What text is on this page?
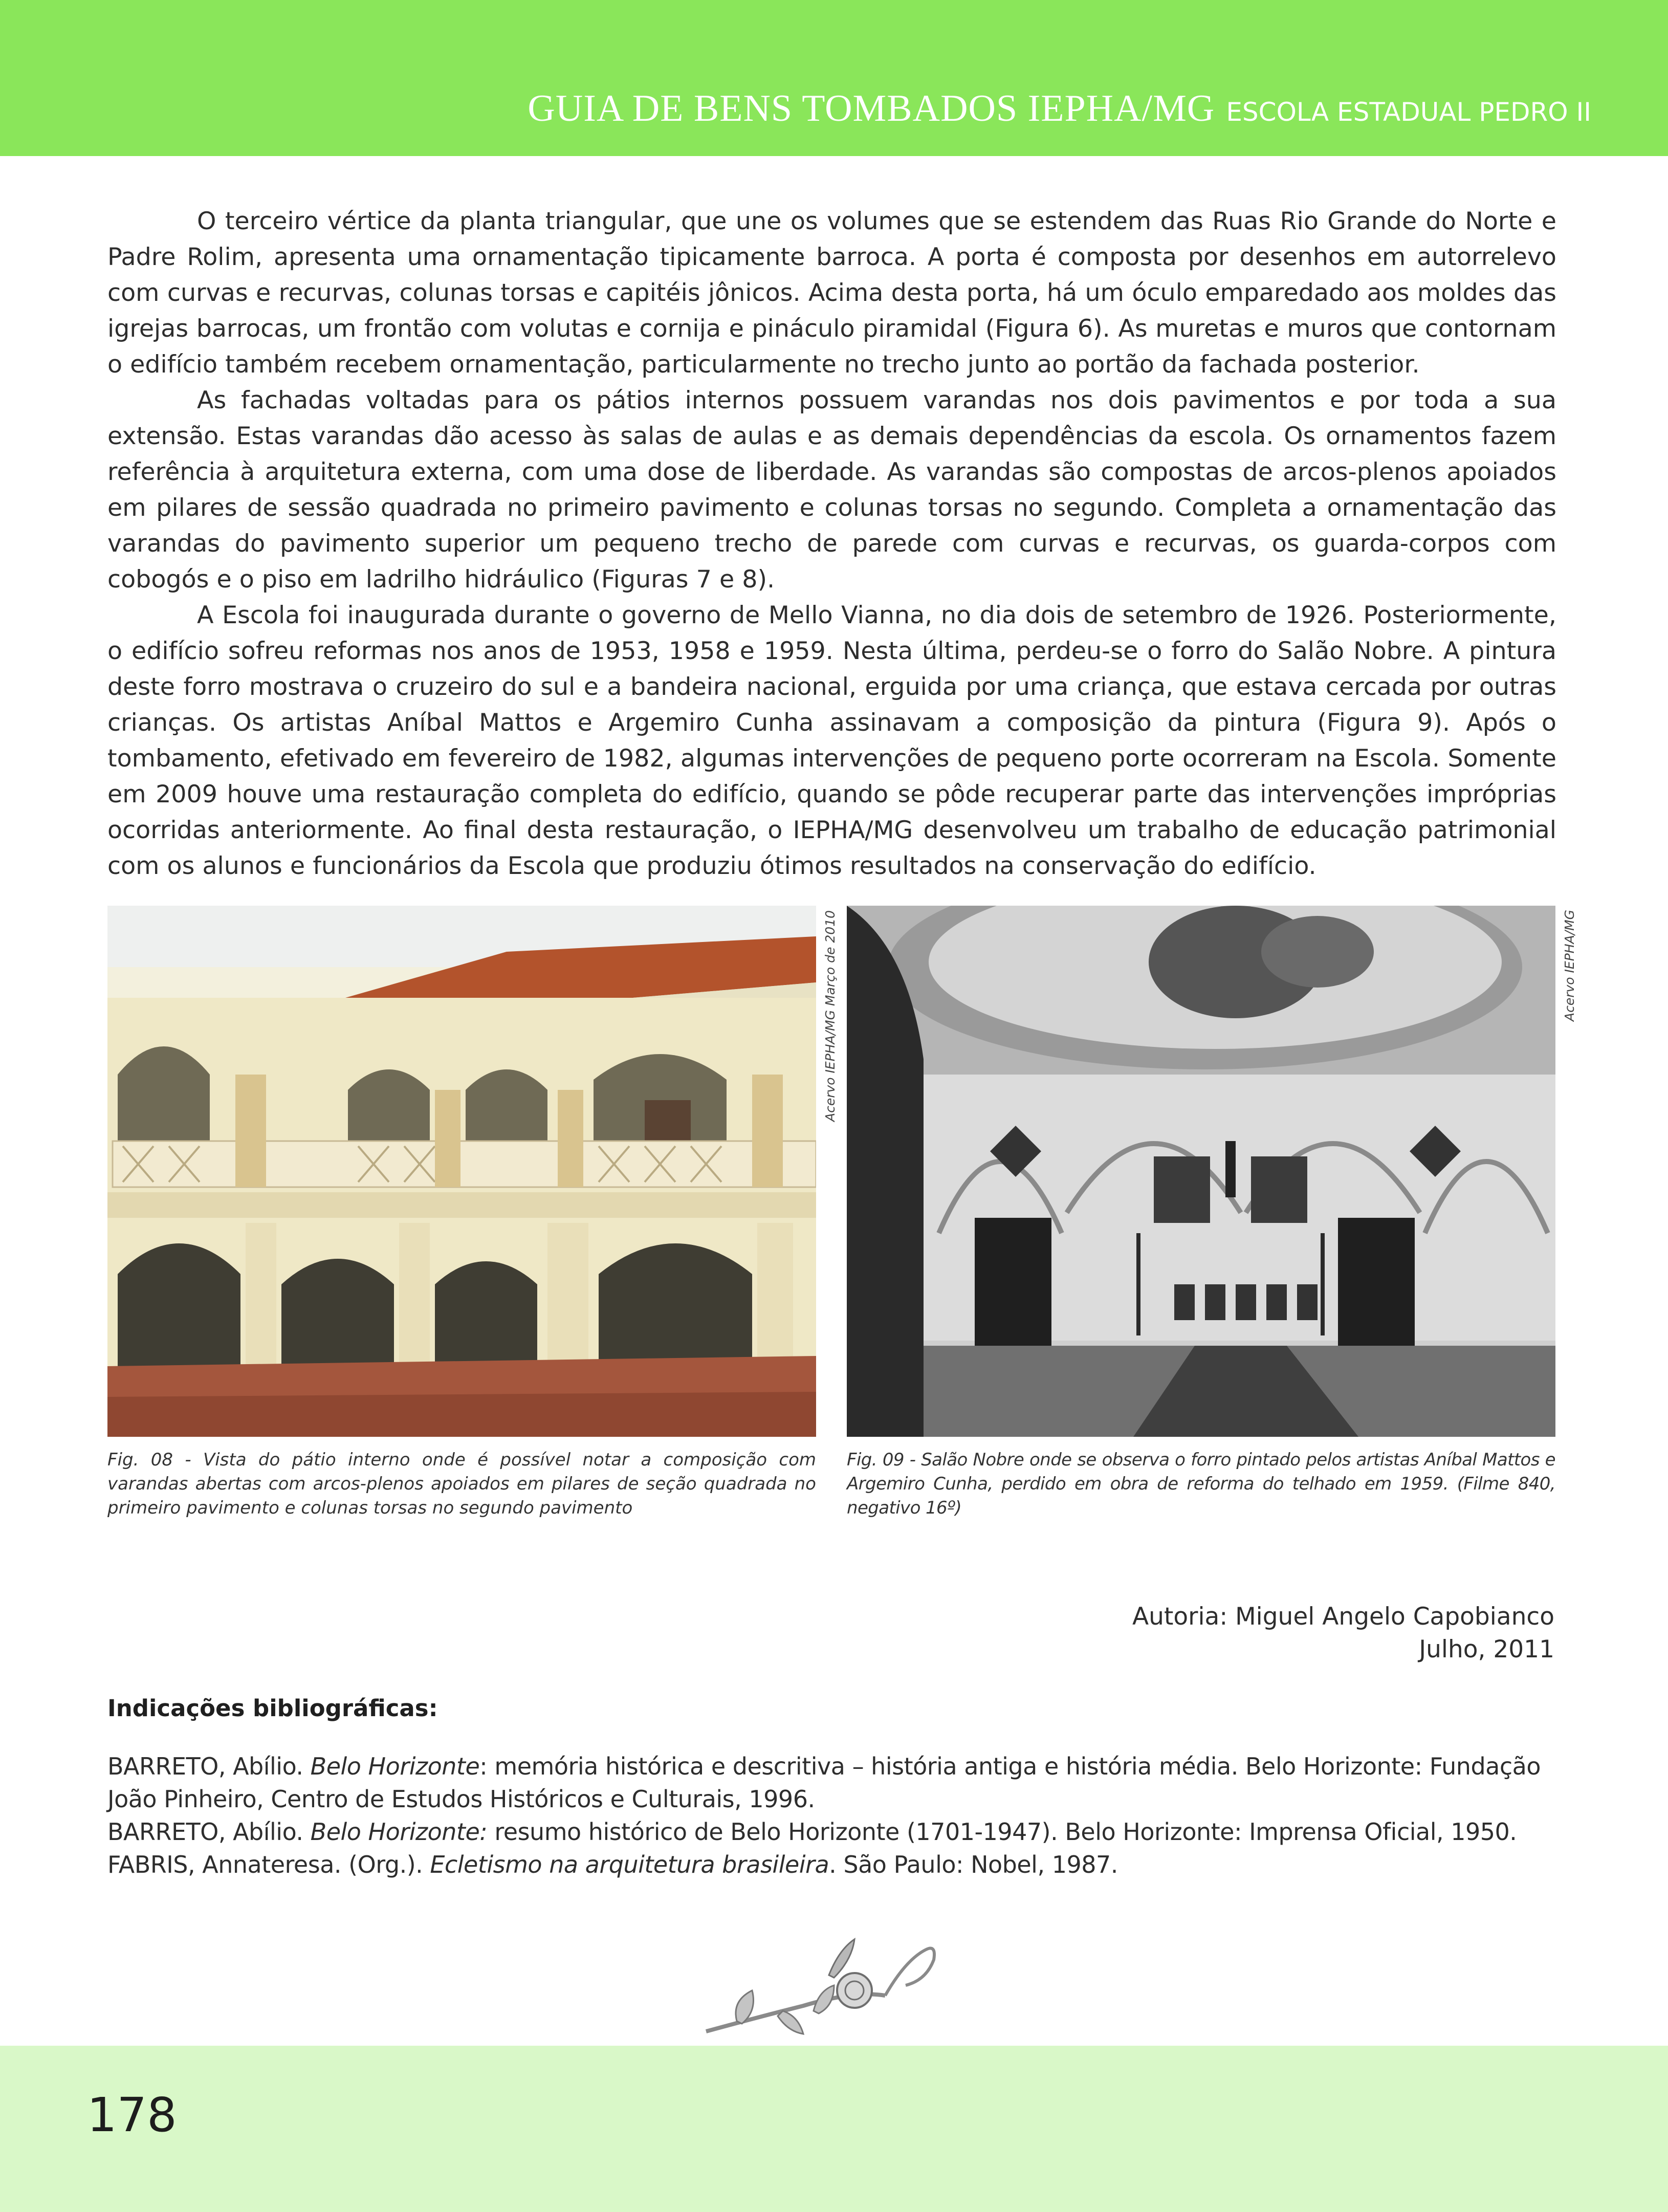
GUIA DE BENS TOMBADOS IEPHA/MG ESCOLA ESTADUAL PEDRO II

O terceiro vértice da planta triangular, que une os volumes que se estendem das Ruas Rio Grande do Norte e Padre Rolim, apresenta uma ornamentação tipicamente barroca. A porta é composta por desenhos em autorrelevo com curvas e recurvas, colunas torsas e capitéis jônicos. Acima desta porta, há um óculo emparedado aos moldes das igrejas barrocas, um frontão com volutas e cornija e pináculo piramidal (Figura 6). As muretas e muros que contornam o edifício também recebem ornamentação, particularmente no trecho junto ao portão da fachada posterior.

As fachadas voltadas para os pátios internos possuem varandas nos dois pavimentos e por toda a sua extensão. Estas varandas dão acesso às salas de aulas e as demais dependências da escola. Os ornamentos fazem referência à arquitetura externa, com uma dose de liberdade. As varandas são compostas de arcos-plenos apoiados em pilares de sessão quadrada no primeiro pavimento e colunas torsas no segundo. Completa a ornamentação das varandas do pavimento superior um pequeno trecho de parede com curvas e recurvas, os guarda-corpos com cobogós e o piso em ladrilho hidráulico (Figuras 7 e 8).

A Escola foi inaugurada durante o governo de Mello Vianna, no dia dois de setembro de 1926. Posteriormente, o edifício sofreu reformas nos anos de 1953, 1958 e 1959. Nesta última, perdeu-se o forro do Salão Nobre. A pintura deste forro mostrava o cruzeiro do sul e a bandeira nacional, erguida por uma criança, que estava cercada por outras crianças. Os artistas Aníbal Mattos e Argemiro Cunha assinavam a composição da pintura (Figura 9). Após o tombamento, efetivado em fevereiro de 1982, algumas intervenções de pequeno porte ocorreram na Escola. Somente em 2009 houve uma restauração completa do edifício, quando se pôde recuperar parte das intervenções impróprias ocorridas anteriormente. Ao final desta restauração, o IEPHA/MG desenvolveu um trabalho de educação patrimonial com os alunos e funcionários da Escola que produziu ótimos resultados na conservação do edifício.

Acervo IEPHA/MG Março de 2010	Acervo IEPHA/MG
Fig. 08 - Vista do pátio interno onde é possível notar a composição com varandas abertas com arcos-plenos apoiados em pilares de seção quadrada no primeiro pavimento e colunas torsas no segundo pavimento
Fig. 09 - Salão Nobre onde se observa o forro pintado pelos artistas Aníbal Mattos e Argemiro Cunha, perdido em obra de reforma do telhado em 1959. (Filme 840, negativo 16º)
Autoria: Miguel Angelo Capobianco
Julho, 2011
Indicações bibliográficas:

BARRETO, Abílio. Belo Horizonte: memória histórica e descritiva – história antiga e história média. Belo Horizonte: Fundação João Pinheiro, Centro de Estudos Históricos e Culturais, 1996.

BARRETO, Abílio. Belo Horizonte: resumo histórico de Belo Horizonte (1701-1947). Belo Horizonte: Imprensa Oficial, 1950.

FABRIS, Annateresa. (Org.). Ecletismo na arquitetura brasileira. São Paulo: Nobel, 1987.

178
